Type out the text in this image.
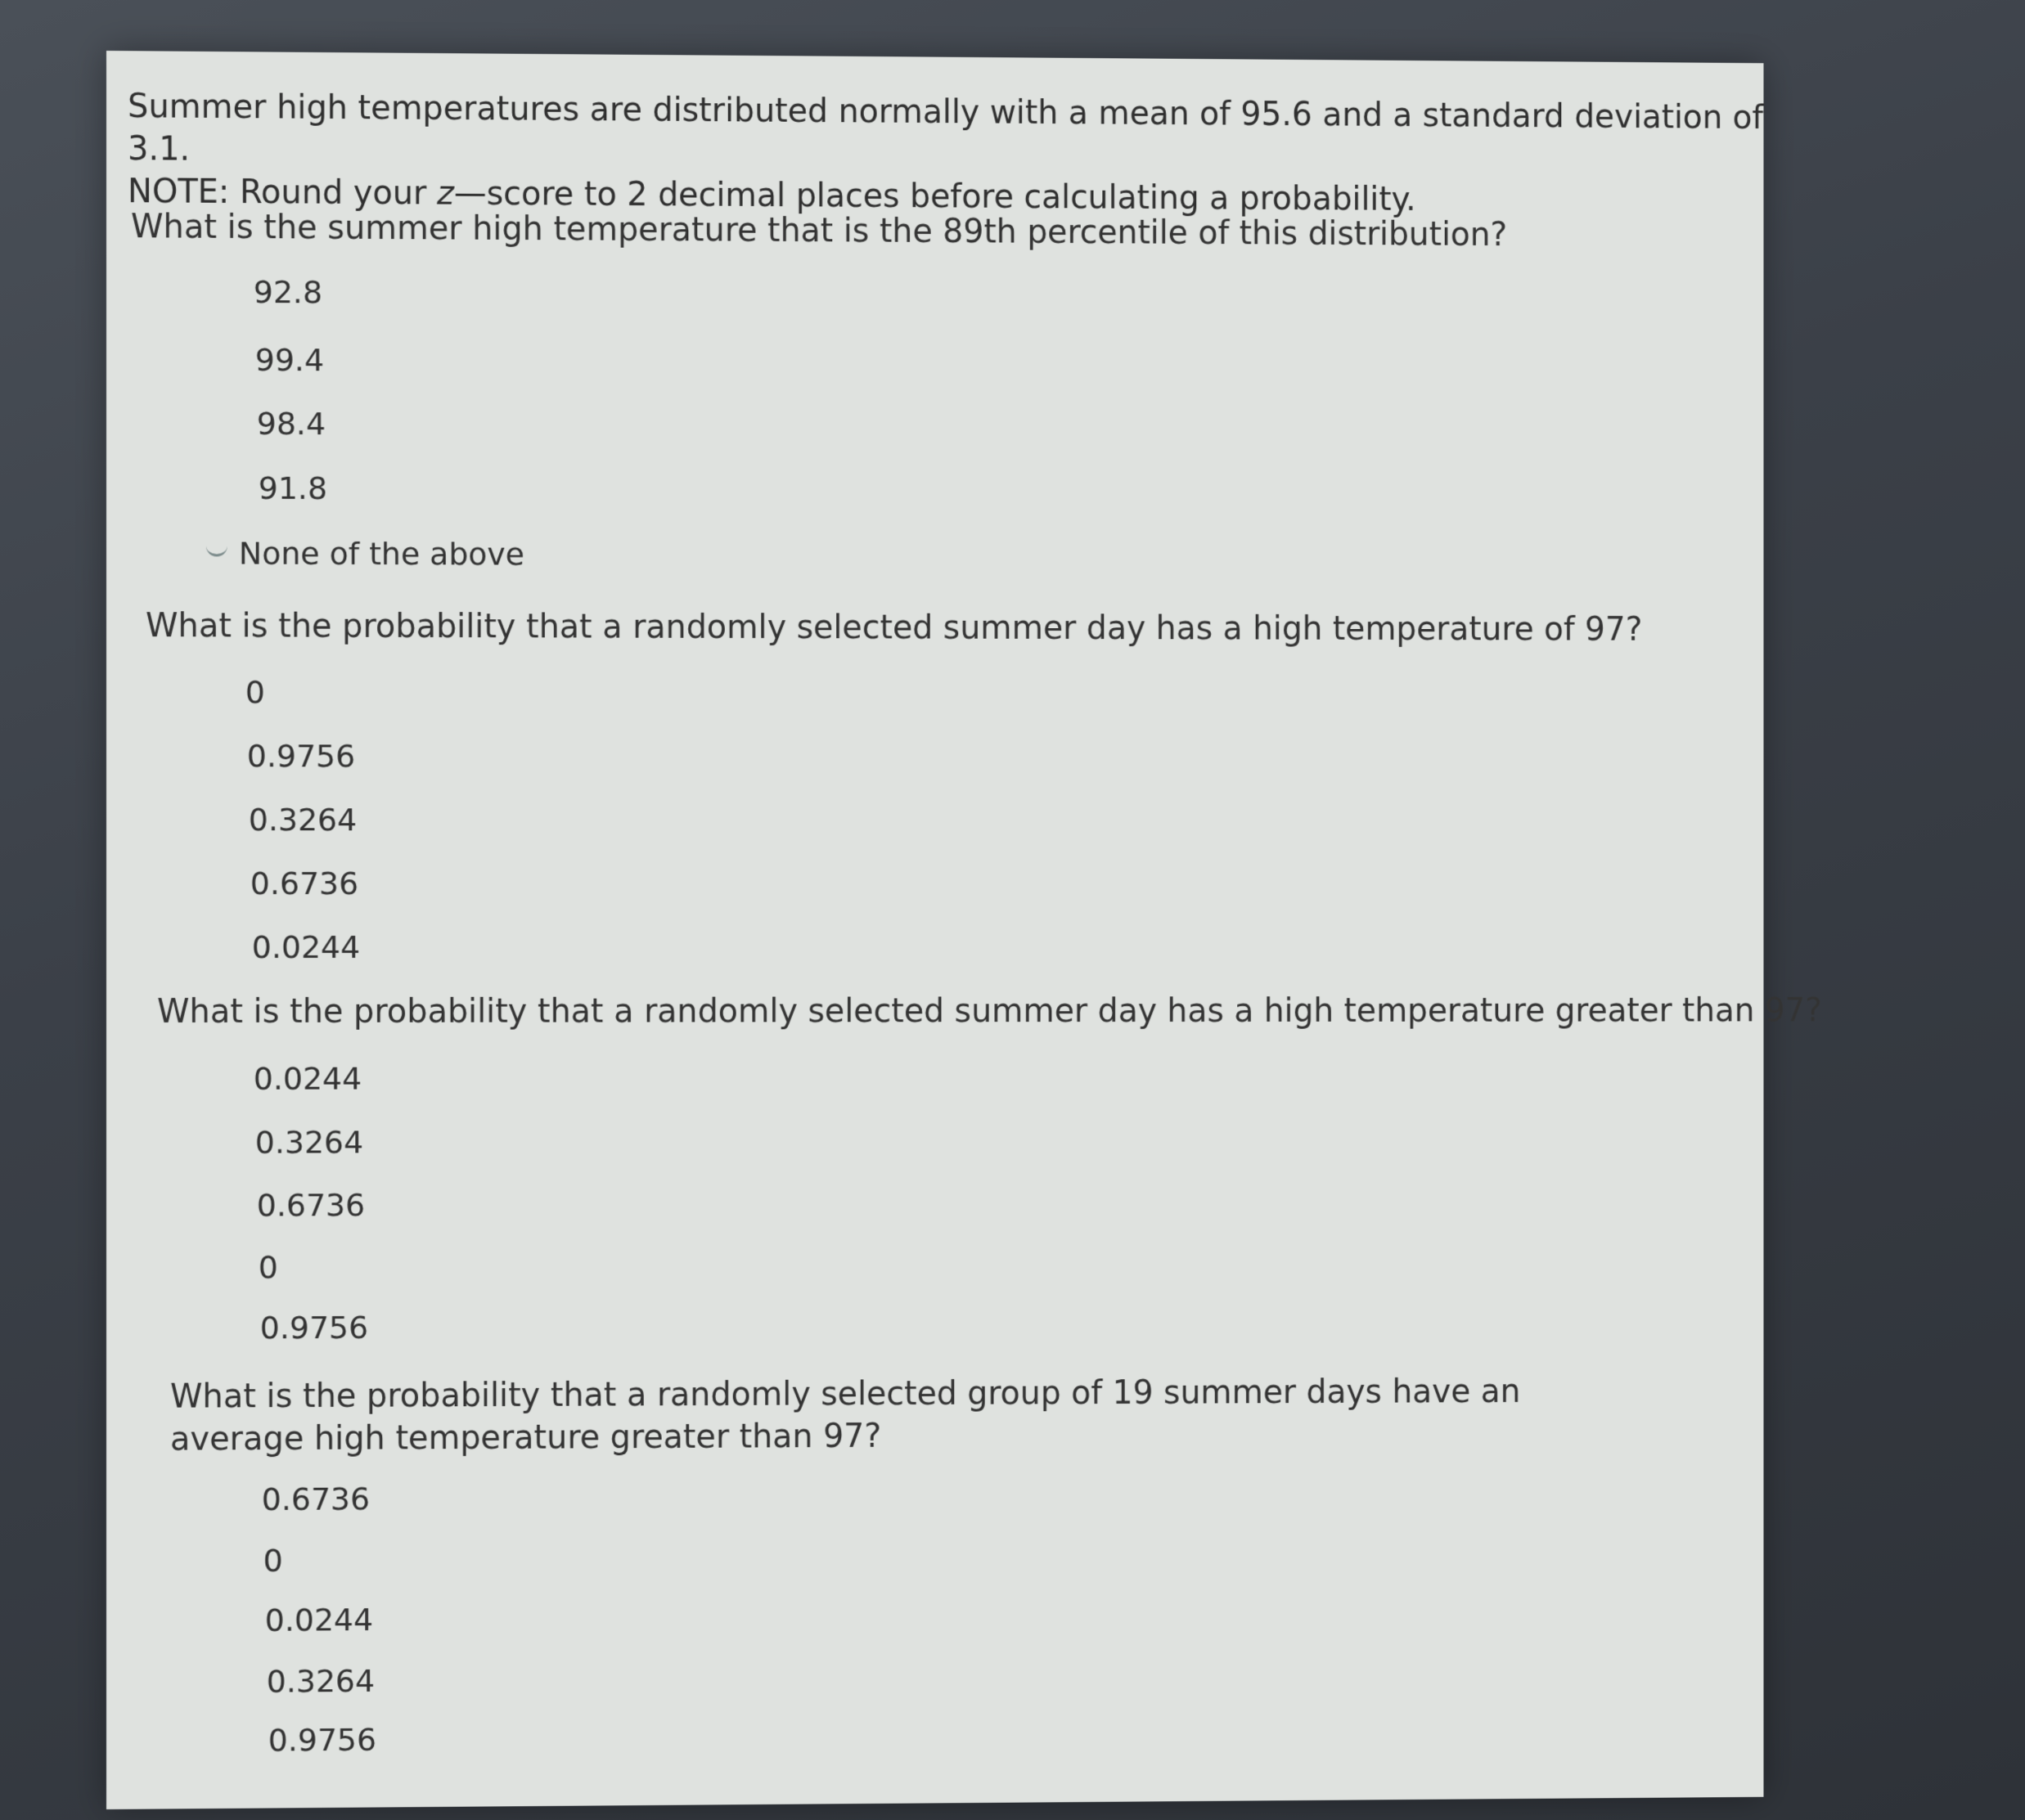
Summer high temperatures are distributed normally with a mean of 95.6 and a standard deviation of 3.1.
NOTE: Round your z—score to 2 decimal places before calculating a probability.
What is the summer high temperature that is the 89th percentile of this distribution?
92.8
99.4
98.4
91.8
None of the above
What is the probability that a randomly selected summer day has a high temperature of 97?
0
0.9756
0.3264
0.6736
0.0244
What is the probability that a randomly selected summer day has a high temperature greater than 97?
0.0244
0.3264
0.6736
0
0.9756
What is the probability that a randomly selected group of 19 summer days have an average high temperature greater than 97?
0.6736
0
0.0244
0.3264
0.9756
